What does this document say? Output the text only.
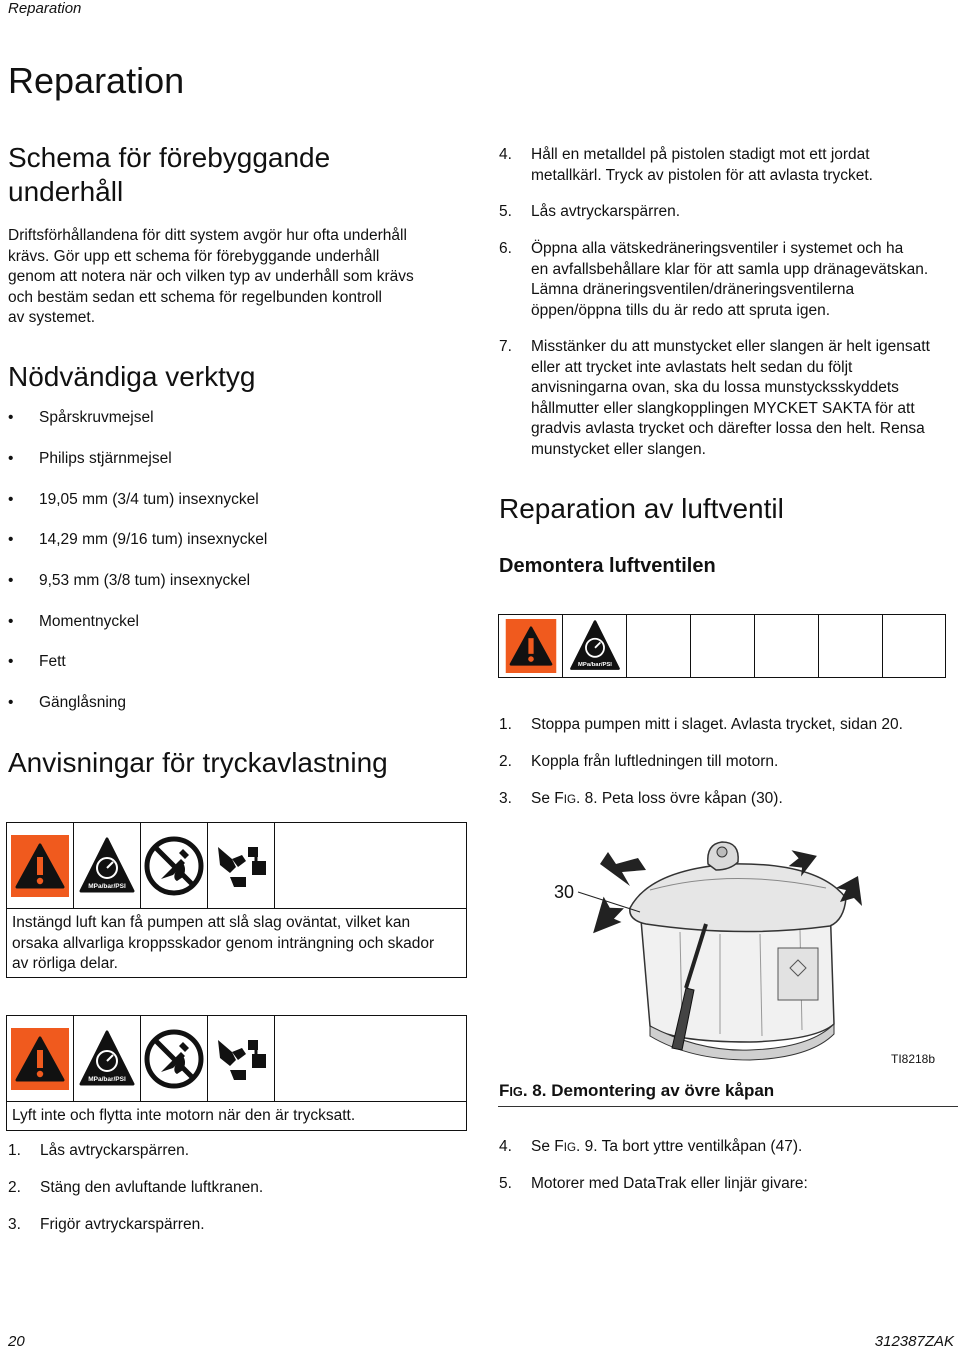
Reparation
Reparation
Schema för förebyggande
underhåll
Driftsförhållandena för ditt system avgör hur ofta underhåll
krävs. Gör upp ett schema för förebyggande underhåll
genom att notera när och vilken typ av underhåll som krävs
och bestäm sedan ett schema för regelbunden kontroll
av systemet.
Nödvändiga verktyg
• Spårskruvmejsel
• Philips stjärnmejsel
• 19,05 mm (3/4 tum) insexnyckel
• 14,29 mm (9/16 tum) insexnyckel
• 9,53 mm (3/8 tum) insexnyckel
• Momentnyckel
• Fett
• Gänglåsning
Anvisningar för tryckavlastning
MPa/bar/PSI
Instängd luft kan få pumpen att slå slag oväntat, vilket kan
orsaka allvarliga kroppsskador genom inträngning och skador
av rörliga delar.
MPa/bar/PSI
Lyft inte och flytta inte motorn när den är trycksatt.
1. Lås avtryckarspärren.
2. Stäng den avluftande luftkranen.
3. Frigör avtryckarspärren.
4. Håll en metalldel på pistolen stadigt mot ett jordat
metallkärl. Tryck av pistolen för att avlasta trycket.
5. Lås avtryckarspärren.
6. Öppna alla vätskedräneringsventiler i systemet och ha
en avfallsbehållare klar för att samla upp dränagevätskan.
Lämna dräneringsventilen/dräneringsventilerna
öppen/öppna tills du är redo att spruta igen.
7. Misstänker du att munstycket eller slangen är helt igensatt
eller att trycket inte avlastats helt sedan du följt
anvisningarna ovan, ska du lossa munstycksskyddets
hållmutter eller slangkopplingen MYCKET SAKTA för att
gradvis avlasta trycket och därefter lossa den helt. Rensa
munstycket eller slangen.
Reparation av luftventil
Demontera luftventilen
MPa/bar/PSI
1. Stoppa pumpen mitt i slaget. Avlasta trycket, sidan 20.
2. Koppla från luftledningen till motorn.
3. Se FIG. 8. Peta loss övre kåpan (30).
30
TI8218b
FIG. 8. Demontering av övre kåpan
4. Se FIG. 9. Ta bort yttre ventilkåpan (47).
5. Motorer med DataTrak eller linjär givare:
20	312387ZAK
